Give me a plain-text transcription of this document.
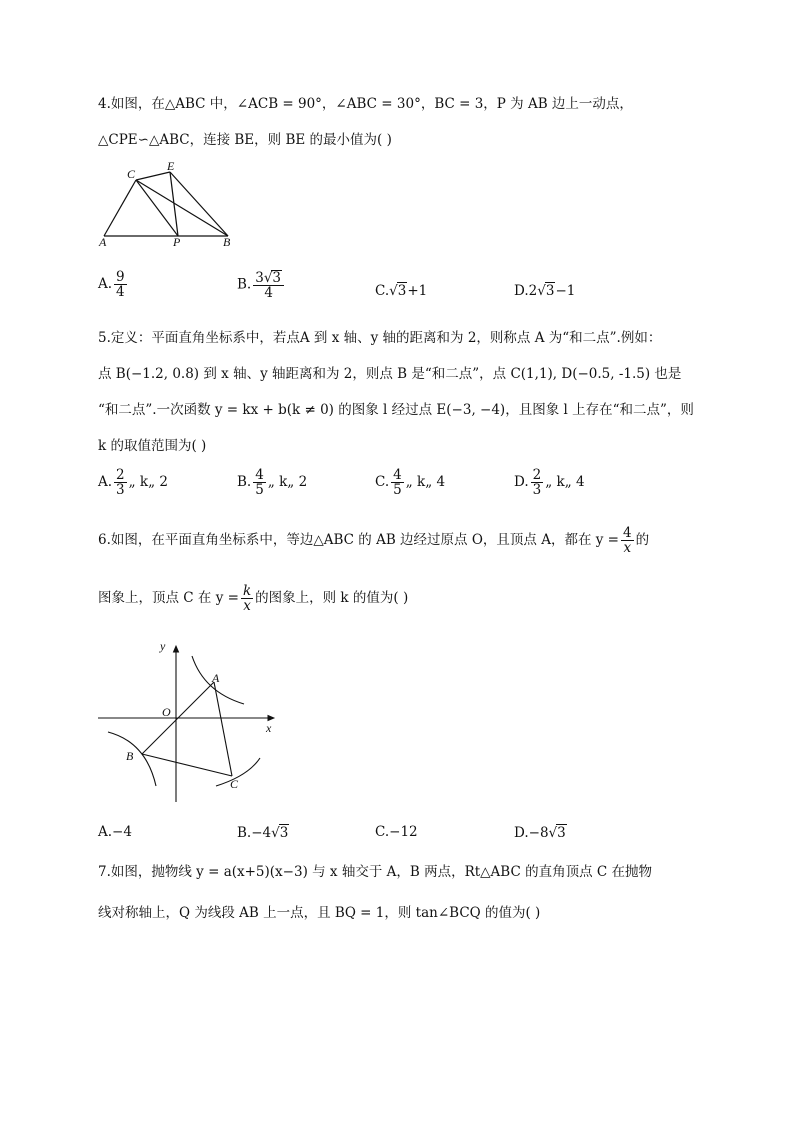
4.如图，在△ABC 中，∠ACB = 90°，∠ABC = 30°，BC = 3，P 为 AB 边上一动点，
△CPE∽△ABC，连接 BE，则 BE 的最小值为( )
C
E
A	P	B
A. $\frac{9}{4}$	B. $\frac{3√3}{4}$	C.√3+1	D.2√3−1
5.定义：平面直角坐标系中，若点A 到 x 轴、y 轴的距离和为 2，则称点 A 为“和二点”.例如：
点 B(−1.2, 0.8) 到 x 轴、y 轴距离和为 2，则点 B 是“和二点”，点 C(1,1), D(−0.5, -1.5) 也是
“和二点”.一次函数 y = kx + b(k ≠ 0) 的图象 l 经过点 E(−3, −4)，且图象 l 上存在“和二点”，则
k 的取值范围为( )
A. $\frac{2}{3}$ „ k„ 2	B. $\frac{4}{5}$ „ k„ 2	C. $\frac{4}{5}$ „ k„ 4	D. $\frac{2}{3}$ „ k„ 4
6.如图，在平面直角坐标系中，等边△ABC 的 AB 边经过原点 O，且顶点 A，都在 $y = \frac{4}{x}$ 的
图象上，顶点 C 在 $y = \frac{k}{x}$ 的图象上，则 k 的值为( )
y
x
O
A
B
C
A.−4	B.−4√3	C.−12	D.−8√3
7.如图，抛物线 y = a(x+5)(x−3) 与 x 轴交于 A，B 两点，Rt△ABC 的直角顶点 C 在抛物
线对称轴上，Q 为线段 AB 上一点，且 BQ = 1，则 tan∠BCQ 的值为( )
